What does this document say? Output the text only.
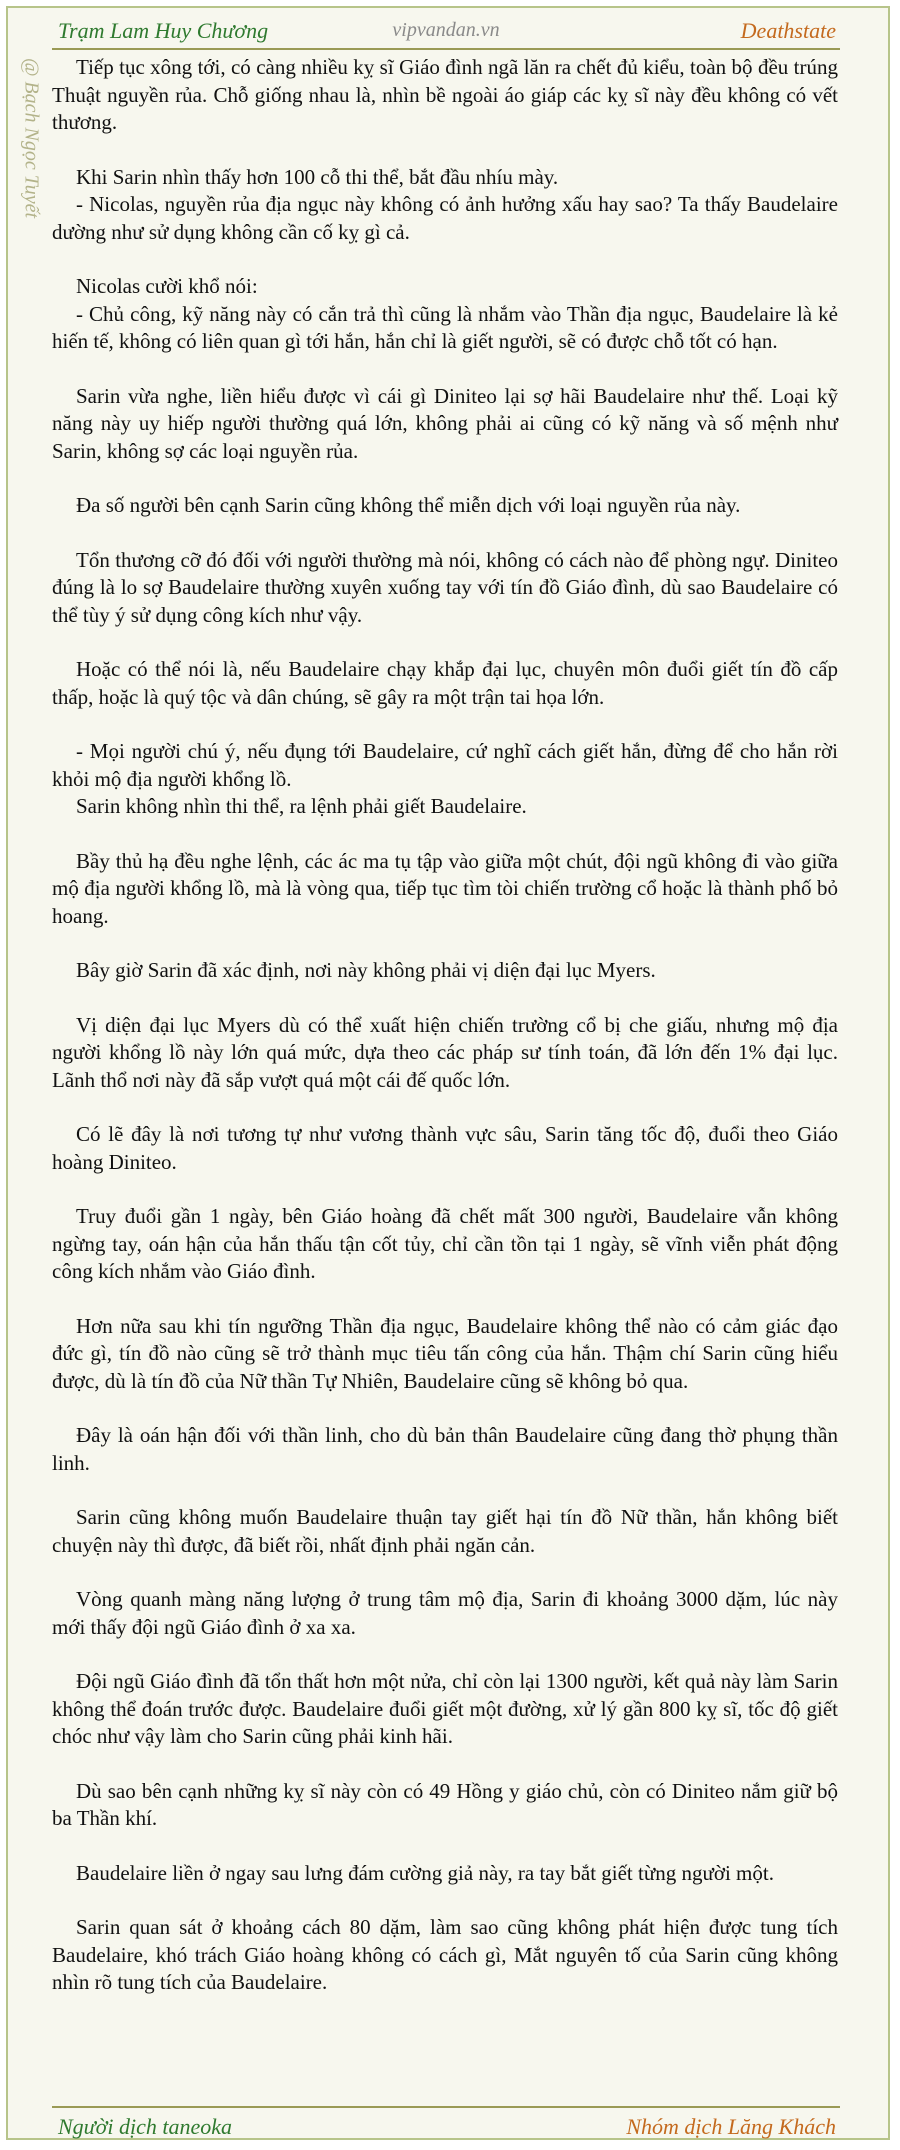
Trạm Lam Huy Chương	vipvandan.vn	Deathstate
@ Bạch Ngọc Tuyết	Tiếp tục xông tới, có càng nhiều kỵ sĩ Giáo đình ngã lăn ra chết đủ kiểu, toàn bộ đều trúng Thuật nguyền rủa. Chỗ giống nhau là, nhìn bề ngoài áo giáp các kỵ sĩ này đều không có vết thương.

Khi Sarin nhìn thấy hơn 100 cỗ thi thể, bắt đầu nhíu mày.

- Nicolas, nguyền rủa địa ngục này không có ảnh hưởng xấu hay sao? Ta thấy Baudelaire dường như sử dụng không cần cố kỵ gì cả.

Nicolas cười khổ nói:

- Chủ công, kỹ năng này có cắn trả thì cũng là nhắm vào Thần địa ngục, Baudelaire là kẻ hiến tế, không có liên quan gì tới hắn, hắn chỉ là giết người, sẽ có được chỗ tốt có hạn.

Sarin vừa nghe, liền hiểu được vì cái gì Diniteo lại sợ hãi Baudelaire như thế. Loại kỹ năng này uy hiếp người thường quá lớn, không phải ai cũng có kỹ năng và số mệnh như Sarin, không sợ các loại nguyền rủa.

Đa số người bên cạnh Sarin cũng không thể miễn dịch với loại nguyền rủa này.

Tổn thương cỡ đó đối với người thường mà nói, không có cách nào để phòng ngự. Diniteo đúng là lo sợ Baudelaire thường xuyên xuống tay với tín đồ Giáo đình, dù sao Baudelaire có thể tùy ý sử dụng công kích như vậy.

Hoặc có thể nói là, nếu Baudelaire chạy khắp đại lục, chuyên môn đuổi giết tín đồ cấp thấp, hoặc là quý tộc và dân chúng, sẽ gây ra một trận tai họa lớn.

- Mọi người chú ý, nếu đụng tới Baudelaire, cứ nghĩ cách giết hắn, đừng để cho hắn rời khỏi mộ địa người khổng lồ.

Sarin không nhìn thi thể, ra lệnh phải giết Baudelaire.

Bầy thủ hạ đều nghe lệnh, các ác ma tụ tập vào giữa một chút, đội ngũ không đi vào giữa mộ địa người khổng lồ, mà là vòng qua, tiếp tục tìm tòi chiến trường cổ hoặc là thành phố bỏ hoang.

Bây giờ Sarin đã xác định, nơi này không phải vị diện đại lục Myers.

Vị diện đại lục Myers dù có thể xuất hiện chiến trường cổ bị che giấu, nhưng mộ địa người khổng lồ này lớn quá mức, dựa theo các pháp sư tính toán, đã lớn đến 1% đại lục. Lãnh thổ nơi này đã sắp vượt quá một cái đế quốc lớn.

Có lẽ đây là nơi tương tự như vương thành vực sâu, Sarin tăng tốc độ, đuổi theo Giáo hoàng Diniteo.

Truy đuổi gần 1 ngày, bên Giáo hoàng đã chết mất 300 người, Baudelaire vẫn không ngừng tay, oán hận của hắn thấu tận cốt tủy, chỉ cần tồn tại 1 ngày, sẽ vĩnh viễn phát động công kích nhắm vào Giáo đình.

Hơn nữa sau khi tín ngưỡng Thần địa ngục, Baudelaire không thể nào có cảm giác đạo đức gì, tín đồ nào cũng sẽ trở thành mục tiêu tấn công của hắn. Thậm chí Sarin cũng hiểu được, dù là tín đồ của Nữ thần Tự Nhiên, Baudelaire cũng sẽ không bỏ qua.

Đây là oán hận đối với thần linh, cho dù bản thân Baudelaire cũng đang thờ phụng thần linh.

Sarin cũng không muốn Baudelaire thuận tay giết hại tín đồ Nữ thần, hắn không biết chuyện này thì được, đã biết rồi, nhất định phải ngăn cản.

Vòng quanh màng năng lượng ở trung tâm mộ địa, Sarin đi khoảng 3000 dặm, lúc này mới thấy đội ngũ Giáo đình ở xa xa.

Đội ngũ Giáo đình đã tổn thất hơn một nửa, chỉ còn lại 1300 người, kết quả này làm Sarin không thể đoán trước được. Baudelaire đuổi giết một đường, xử lý gần 800 kỵ sĩ, tốc độ giết chóc như vậy làm cho Sarin cũng phải kinh hãi.

Dù sao bên cạnh những kỵ sĩ này còn có 49 Hồng y giáo chủ, còn có Diniteo nắm giữ bộ ba Thần khí.

Baudelaire liền ở ngay sau lưng đám cường giả này, ra tay bắt giết từng người một.

Sarin quan sát ở khoảng cách 80 dặm, làm sao cũng không phát hiện được tung tích Baudelaire, khó trách Giáo hoàng không có cách gì, Mắt nguyên tố của Sarin cũng không nhìn rõ tung tích của Baudelaire.

Người dịch taneoka	Nhóm dịch Lăng Khách
